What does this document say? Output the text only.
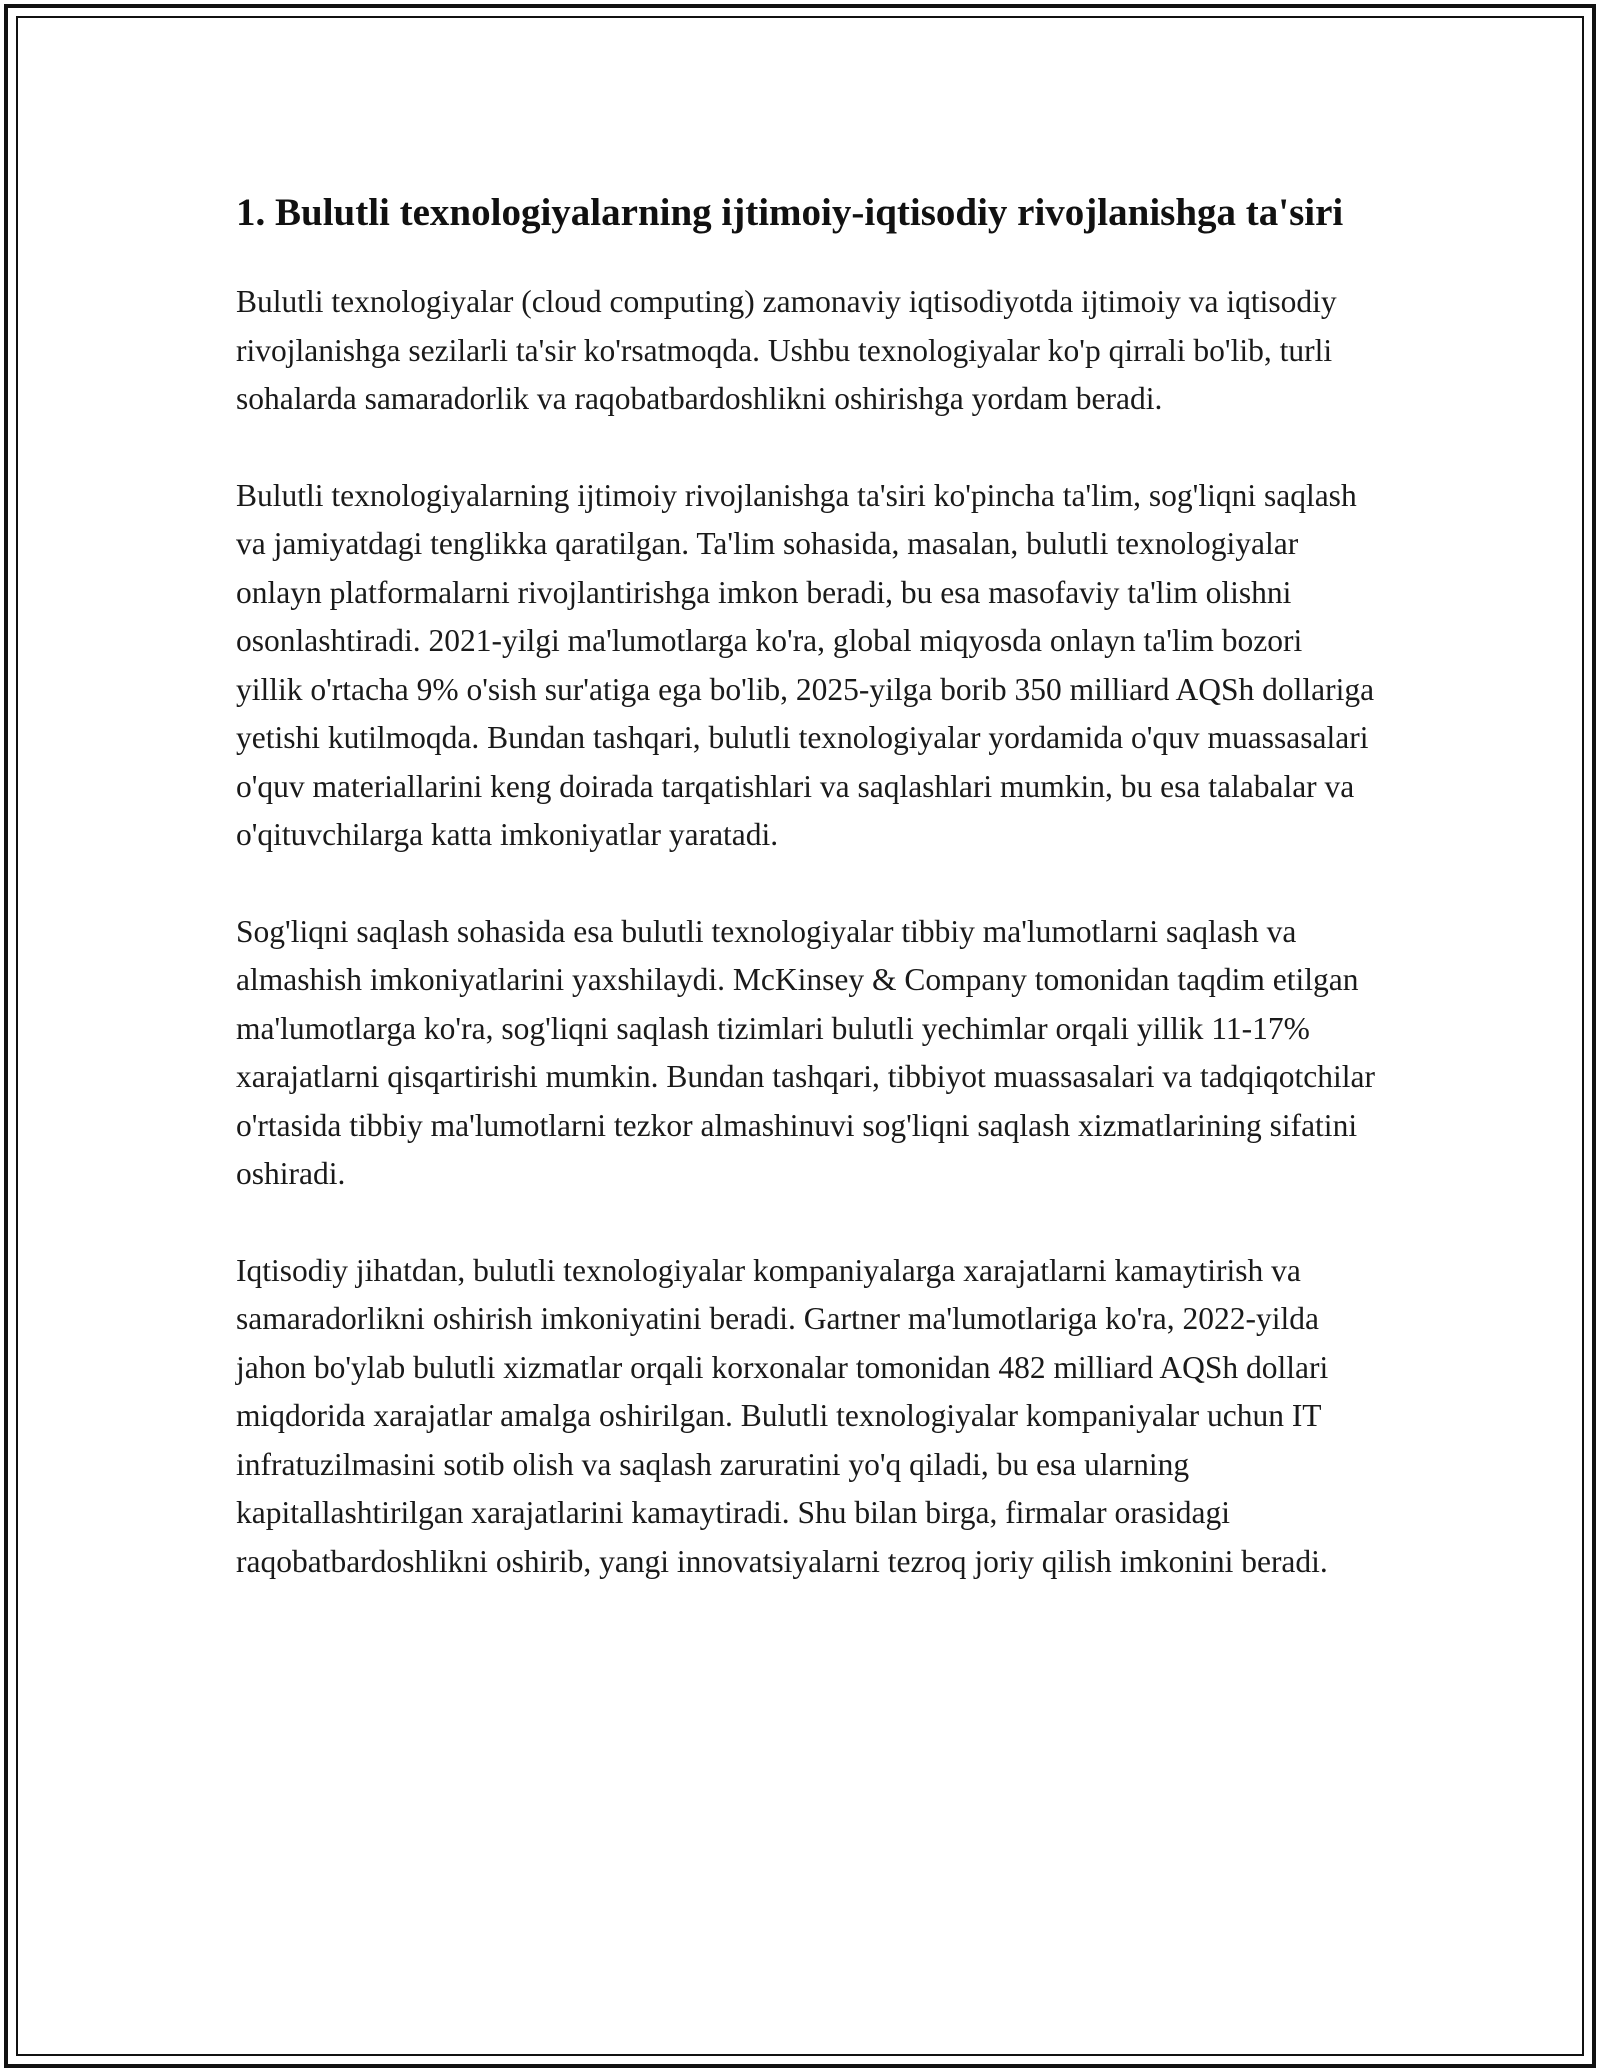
1. Bulutli texnologiyalarning ijtimoiy-iqtisodiy rivojlanishga ta'siri

Bulutli texnologiyalar (cloud computing) zamonaviy iqtisodiyotda ijtimoiy va iqtisodiy rivojlanishga sezilarli ta'sir ko'rsatmoqda. Ushbu texnologiyalar ko'p qirrali bo'lib, turli sohalarda samaradorlik va raqobatbardoshlikni oshirishga yordam beradi.

Bulutli texnologiyalarning ijtimoiy rivojlanishga ta'siri ko'pincha ta'lim, sog'liqni saqlash va jamiyatdagi tenglikka qaratilgan. Ta'lim sohasida, masalan, bulutli texnologiyalar onlayn platformalarni rivojlantirishga imkon beradi, bu esa masofaviy ta'lim olishni osonlashtiradi. 2021-yilgi ma'lumotlarga ko'ra, global miqyosda onlayn ta'lim bozori yillik o'rtacha 9% o'sish sur'atiga ega bo'lib, 2025-yilga borib 350 milliard AQSh dollariga yetishi kutilmoqda. Bundan tashqari, bulutli texnologiyalar yordamida o'quv muassasalari o'quv materiallarini keng doirada tarqatishlari va saqlashlari mumkin, bu esa talabalar va o'qituvchilarga katta imkoniyatlar yaratadi.

Sog'liqni saqlash sohasida esa bulutli texnologiyalar tibbiy ma'lumotlarni saqlash va almashish imkoniyatlarini yaxshilaydi. McKinsey & Company tomonidan taqdim etilgan ma'lumotlarga ko'ra, sog'liqni saqlash tizimlari bulutli yechimlar orqali yillik 11-17% xarajatlarni qisqartirishi mumkin. Bundan tashqari, tibbiyot muassasalari va tadqiqotchilar o'rtasida tibbiy ma'lumotlarni tezkor almashinuvi sog'liqni saqlash xizmatlarining sifatini oshiradi.

Iqtisodiy jihatdan, bulutli texnologiyalar kompaniyalarga xarajatlarni kamaytirish va samaradorlikni oshirish imkoniyatini beradi. Gartner ma'lumotlariga ko'ra, 2022-yilda jahon bo'ylab bulutli xizmatlar orqali korxonalar tomonidan 482 milliard AQSh dollari miqdorida xarajatlar amalga oshirilgan. Bulutli texnologiyalar kompaniyalar uchun IT infratuzilmasini sotib olish va saqlash zaruratini yo'q qiladi, bu esa ularning kapitallashtirilgan xarajatlarini kamaytiradi. Shu bilan birga, firmalar orasidagi raqobatbardoshlikni oshirib, yangi innovatsiyalarni tezroq joriy qilish imkonini beradi.
